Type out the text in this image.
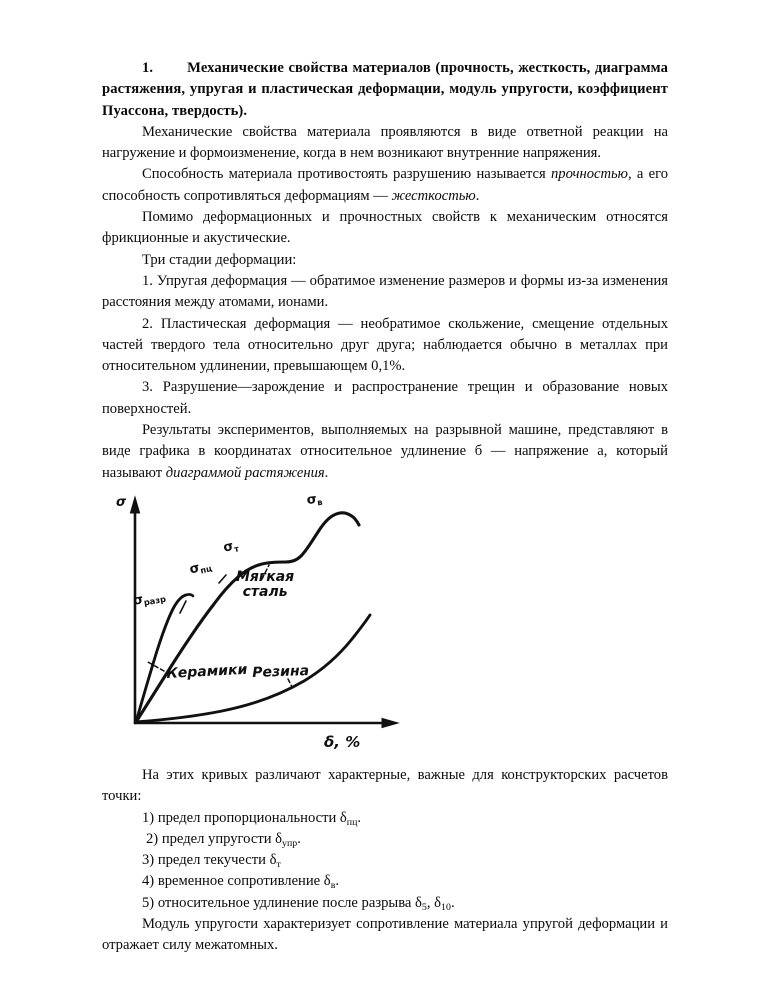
1. Механические свойства материалов (прочность, жесткость, диаграмма растяжения, упругая и пластическая деформации, модуль упругости, коэффициент Пуассона, твердость).

Механические свойства материала проявляются в виде ответной реакции на нагружение и формоизменение, когда в нем возникают внутренние напряжения.

Способность материала противостоять разрушению называется прочностью, а его способность сопротивляться деформациям — жесткостью.

Помимо деформационных и прочностных свойств к механическим относятся фрикционные и акустические.

Три стадии деформации:

1. Упругая деформация — обратимое изменение размеров и формы из-за изменения расстояния между атомами, ионами.

2. Пластическая деформация — необратимое скольжение, смещение отдельных частей твердого тела относительно друг друга; наблюдается обычно в металлах при относительном удлинении, превышающем 0,1%.

3. Разрушение—зарождение и распространение трещин и образование новых поверхностей.

Результаты экспериментов, выполняемых на разрывной машине, представляют в виде графика в координатах относительное удлинение б — напряжение а, который называют диаграммой растяжения.

σ
δ, %
$\sigma_в$
$\sigma_т$
$\sigma_{пц}$
$\sigma_{разр}$
Мягкая
сталь
Керамики Резина

На этих кривых различают характерные, важные для конструкторских расчетов точки:

1) предел пропорциональности $\delta_{пц}$.

2) предел упругости $\delta_{упр}$.

3) предел текучести $\delta_т$

4) временное сопротивление $\delta_в$.

5) относительное удлинение после разрыва $\delta_5$, $\delta_{10}$.

Модуль упругости характеризует сопротивление материала упругой деформации и отражает силу межатомных.
